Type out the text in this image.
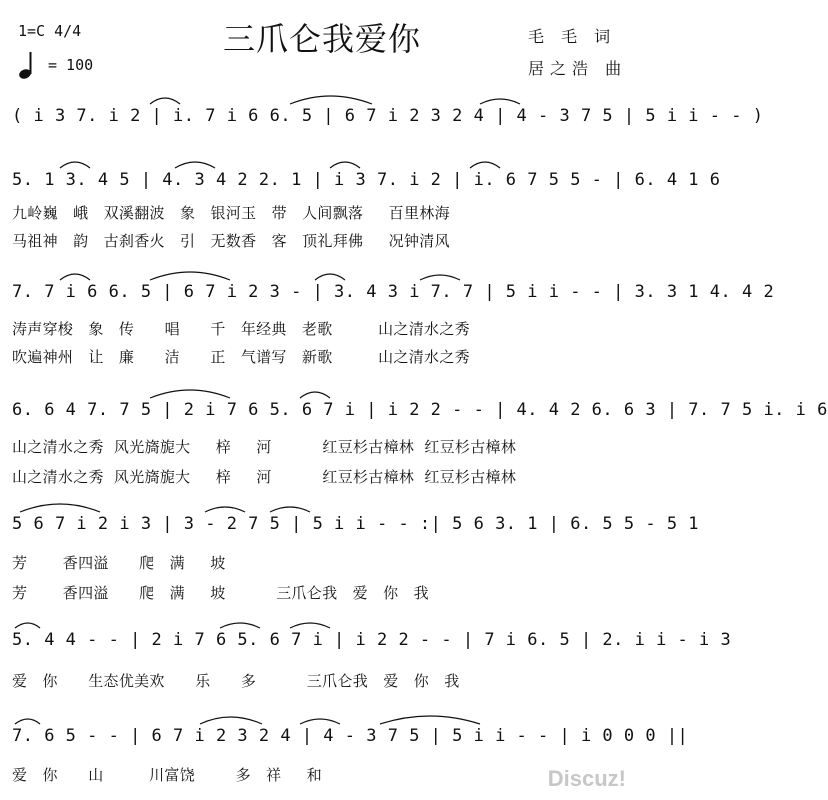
1=C 4/4
= 100
三爪仑我爱你	毛 毛 词
居之浩 曲
( i 3 7. i 2 | i. 7 i 6 6. 5 | 6 7 i 2 3 2 4 | 4 - 3 7 5 | 5 i i - - )
5. 1 3. 4 5 | 4. 3 4 2 2. 1 | i 3 7. i 2 | i. 6 7 5 5 - | 6. 4 1 6
九岭巍   峨   双溪翻波   象   银河玉   带   人间飘落     百里林海
马祖神   韵   古刹香火   引   无数香   客   顶礼拜佛     况钟清风
7. 7 i 6 6. 5 | 6 7 i 2 3 - | 3. 4 3 i 7. 7 | 5 i i - - | 3. 3 1 4. 4 2
涛声穿梭   象   传      唱      千   年经典   老歌         山之清水之秀
吹遍神州   让   廉      洁      正   气谱写   新歌         山之清水之秀
6. 6 4 7. 7 5 | 2 i 7 6 5. 6 7 i | i 2 2 - - | 4. 4 2 6. 6 3 | 7. 7 5 i. i 6
山之清水之秀  风光旖旎大     梓     河          红豆杉古樟林  红豆杉古樟林
山之清水之秀  风光旖旎大     梓     河          红豆杉古樟林  红豆杉古樟林
5 6 7 i 2 i 3 | 3 - 2 7 5 | 5 i i - - :| 5 6 3. 1 | 6. 5 5 - 5 1
芳       香四溢      爬   满     坡
芳       香四溢      爬   满     坡          三爪仑我   爱   你   我
5. 4 4 - - | 2 i 7 6 5. 6 7 i | i 2 2 - - | 7 i 6. 5 | 2. i i - i 3
爱   你      生态优美欢      乐      多          三爪仑我   爱   你   我
7. 6 5 - - | 6 7 i 2 3 2 4 | 4 - 3 7 5 | 5 i i - - | i 0 0 0 ||
爱   你      山         川富饶        多   祥     和	Discuz!
